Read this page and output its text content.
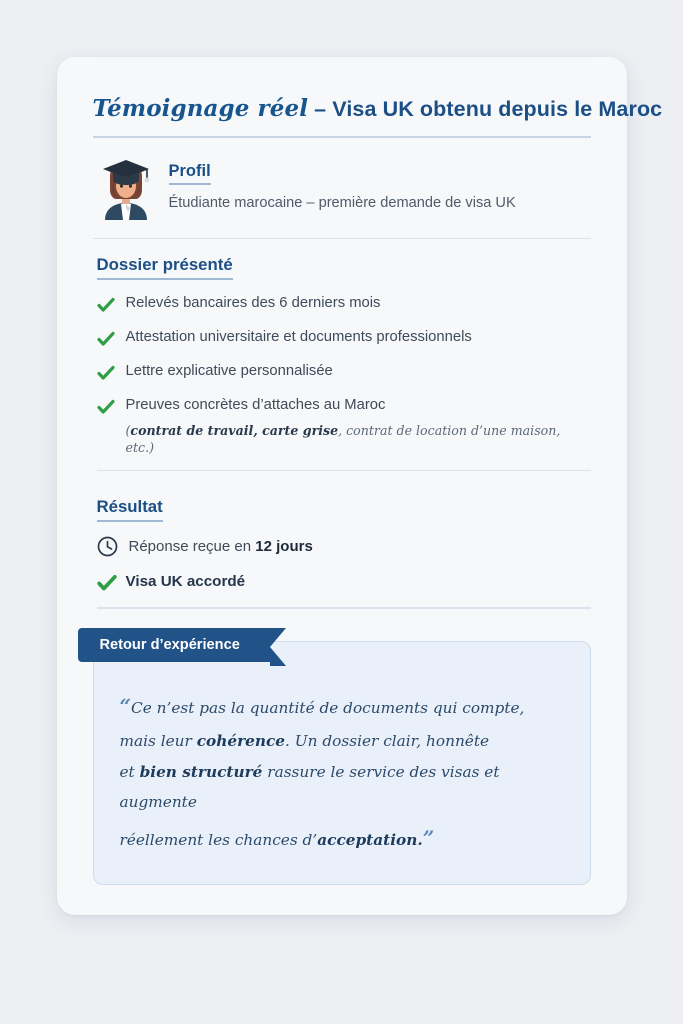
Témoignage réel – Visa UK obtenu depuis le Maroc
Profil
Étudiante marocaine – première demande de visa UK
Dossier présenté
Relevés bancaires des 6 derniers mois
Attestation universitaire et documents professionnels
Lettre explicative personnalisée
Preuves concrètes d’attaches au Maroc
(contrat de travail, carte grise, contrat de location d’une maison, etc.)
Résultat
Réponse reçue en 12 jours
Visa UK accordé
Retour d’expérience
“Ce n’est pas la quantité de documents qui compte,
mais leur cohérence. Un dossier clair, honnête
et bien structuré rassure le service des visas et augmente
réellement les chances d’acceptation.”
